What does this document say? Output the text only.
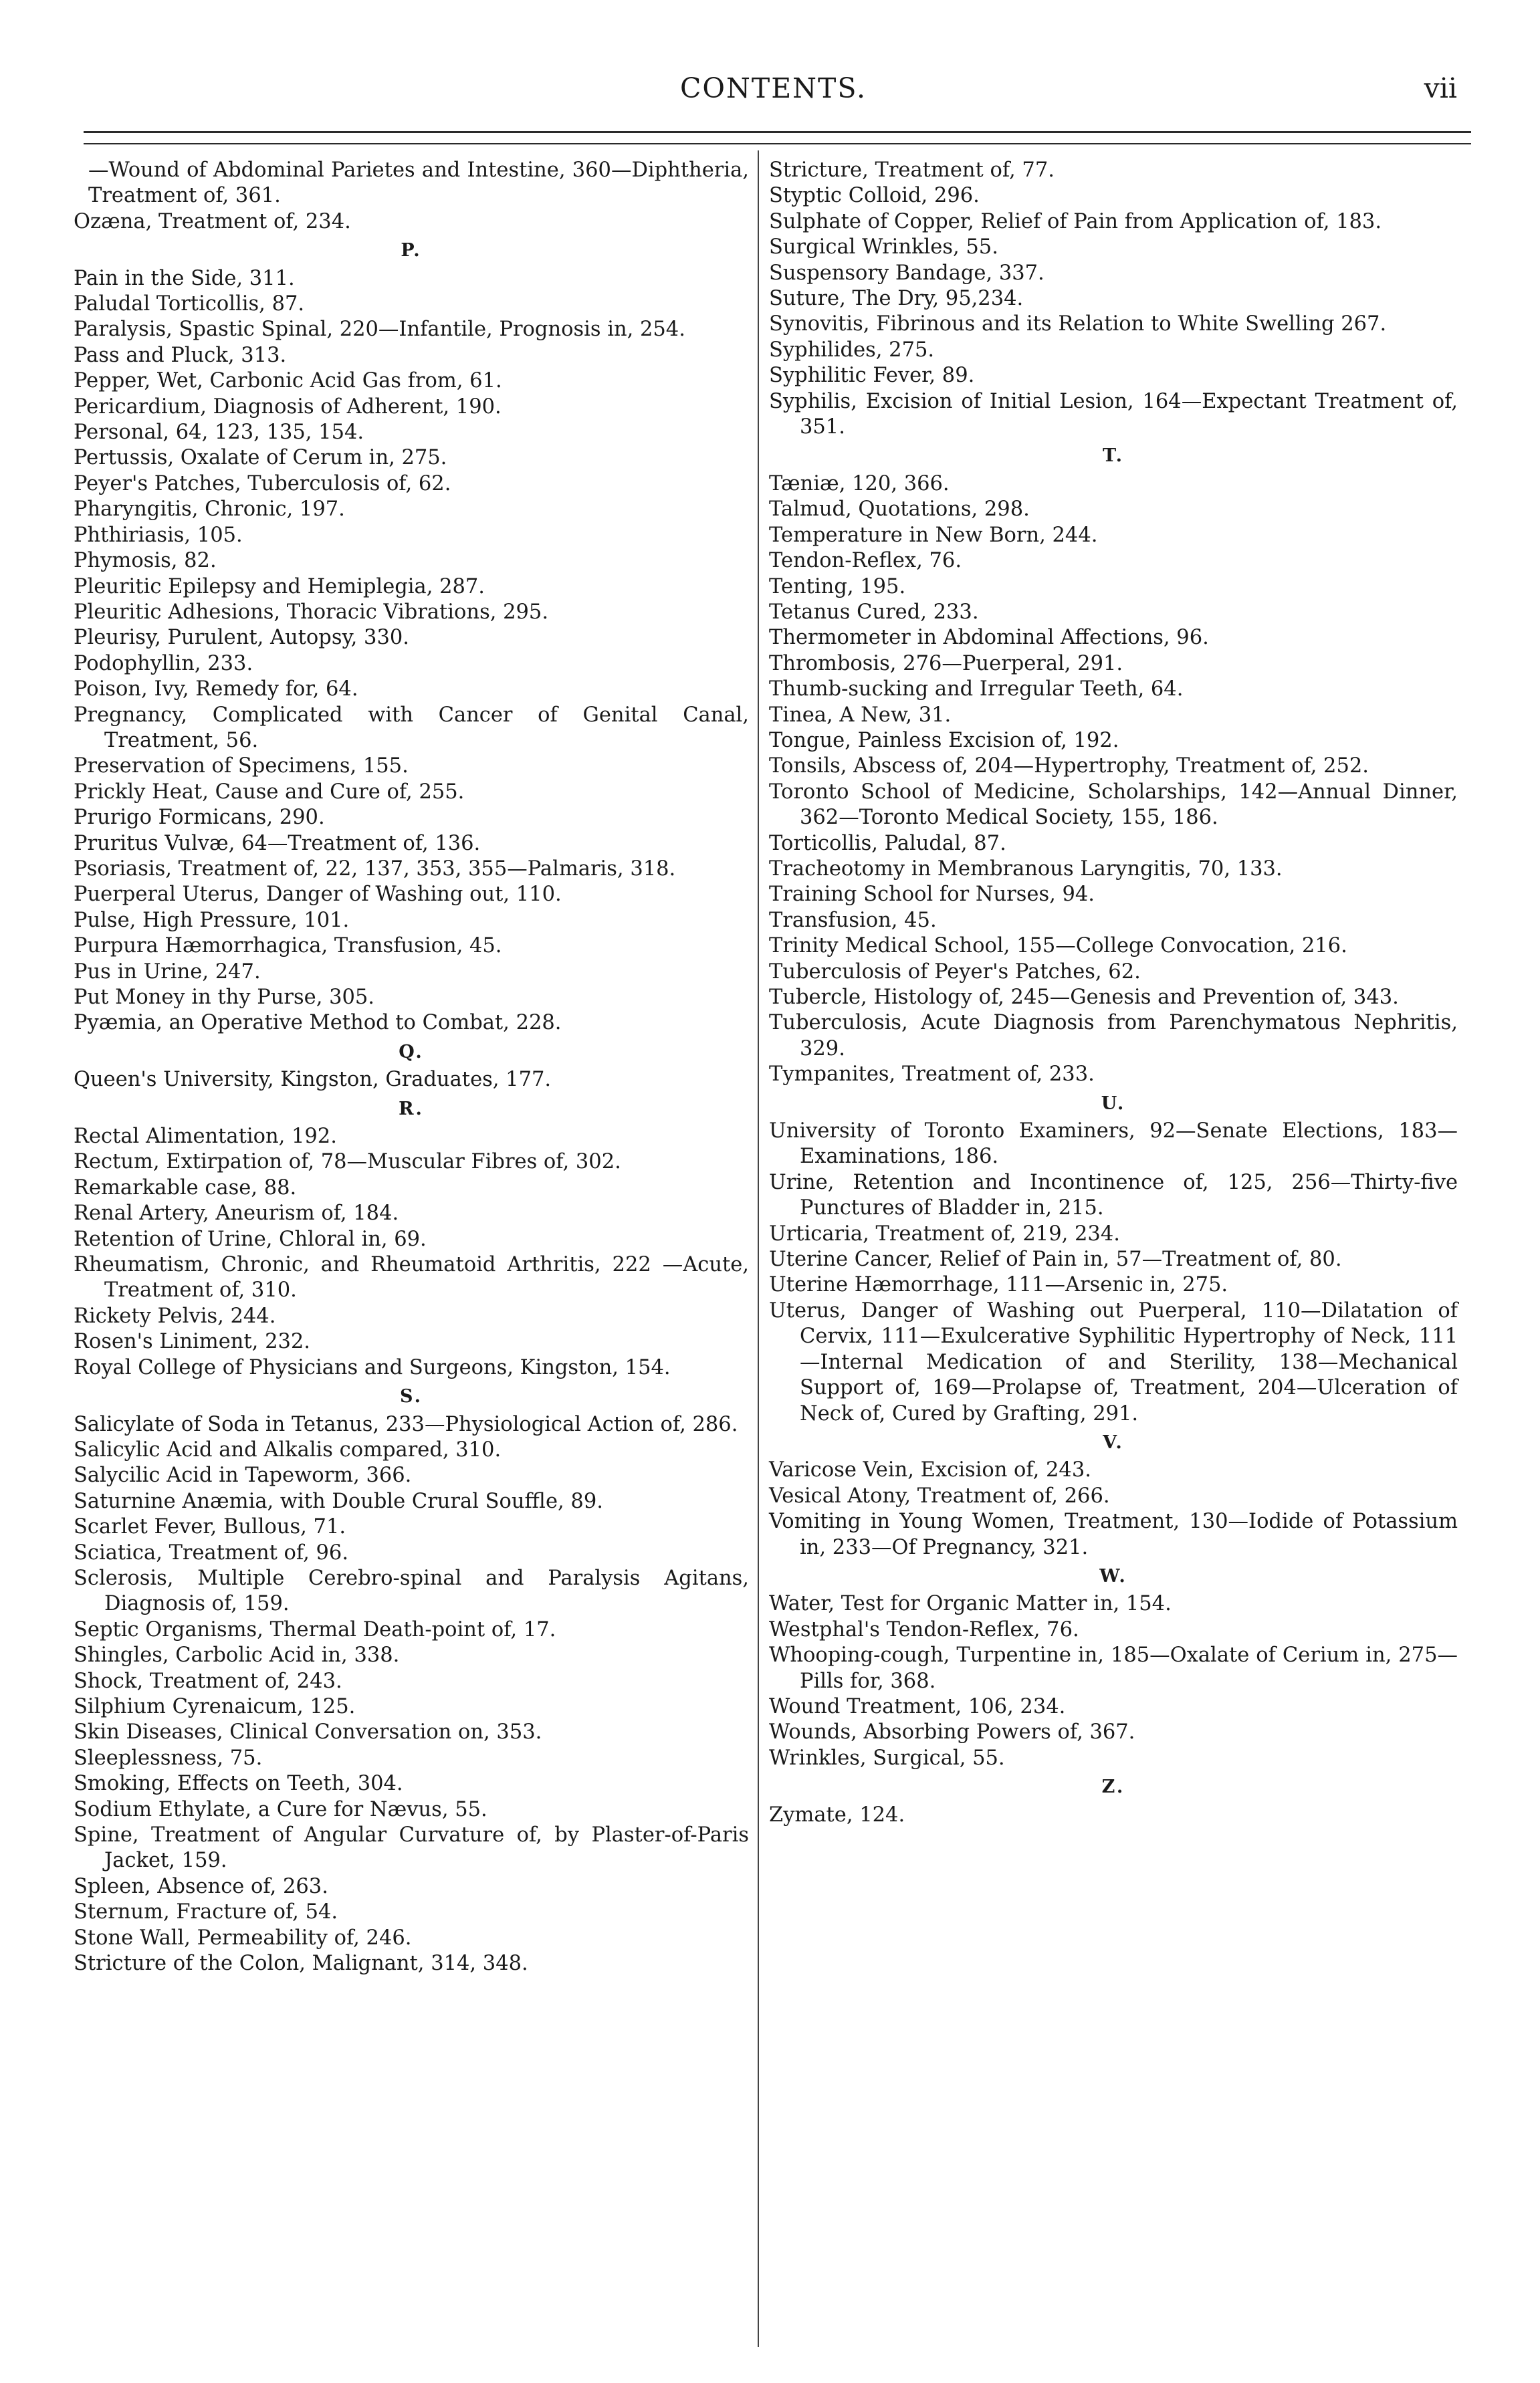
CONTENTS.	vii
—Wound of Abdominal Parietes and Intestine, 360—Diphtheria, Treatment of, 361.
Ozæna, Treatment of, 234.
P.
Pain in the Side, 311.
Paludal Torticollis, 87.
Paralysis, Spastic Spinal, 220—Infantile, Prognosis in, 254.
Pass and Pluck, 313.
Pepper, Wet, Carbonic Acid Gas from, 61.
Pericardium, Diagnosis of Adherent, 190.
Personal, 64, 123, 135, 154.
Pertussis, Oxalate of Cerum in, 275.
Peyer's Patches, Tuberculosis of, 62.
Pharyngitis, Chronic, 197.
Phthiriasis, 105.
Phymosis, 82.
Pleuritic Epilepsy and Hemiplegia, 287.
Pleuritic Adhesions, Thoracic Vibrations, 295.
Pleurisy, Purulent, Autopsy, 330.
Podophyllin, 233.
Poison, Ivy, Remedy for, 64.
Pregnancy, Complicated with Cancer of Genital Canal, Treatment, 56.
Preservation of Specimens, 155.
Prickly Heat, Cause and Cure of, 255.
Prurigo Formicans, 290.
Pruritus Vulvæ, 64—Treatment of, 136.
Psoriasis, Treatment of, 22, 137, 353, 355—Palmaris, 318.
Puerperal Uterus, Danger of Washing out, 110.
Pulse, High Pressure, 101.
Purpura Hæmorrhagica, Transfusion, 45.
Pus in Urine, 247.
Put Money in thy Purse, 305.
Pyæmia, an Operative Method to Combat, 228.
Q.
Queen's University, Kingston, Graduates, 177.
R.
Rectal Alimentation, 192.
Rectum, Extirpation of, 78—Muscular Fibres of, 302.
Remarkable case, 88.
Renal Artery, Aneurism of, 184.
Retention of Urine, Chloral in, 69.
Rheumatism, Chronic, and Rheumatoid Arthritis, 222 —Acute, Treatment of, 310.
Rickety Pelvis, 244.
Rosen's Liniment, 232.
Royal College of Physicians and Surgeons, Kingston, 154.
S.
Salicylate of Soda in Tetanus, 233—Physiological Action of, 286.
Salicylic Acid and Alkalis compared, 310.
Salycilic Acid in Tapeworm, 366.
Saturnine Anæmia, with Double Crural Souffle, 89.
Scarlet Fever, Bullous, 71.
Sciatica, Treatment of, 96.
Sclerosis, Multiple Cerebro-spinal and Paralysis Agitans, Diagnosis of, 159.
Septic Organisms, Thermal Death-point of, 17.
Shingles, Carbolic Acid in, 338.
Shock, Treatment of, 243.
Silphium Cyrenaicum, 125.
Skin Diseases, Clinical Conversation on, 353.
Sleeplessness, 75.
Smoking, Effects on Teeth, 304.
Sodium Ethylate, a Cure for Nævus, 55.
Spine, Treatment of Angular Curvature of, by Plaster-of-Paris Jacket, 159.
Spleen, Absence of, 263.
Sternum, Fracture of, 54.
Stone Wall, Permeability of, 246.
Stricture of the Colon, Malignant, 314, 348.
Stricture, Treatment of, 77.
Styptic Colloid, 296.
Sulphate of Copper, Relief of Pain from Application of, 183.
Surgical Wrinkles, 55.
Suspensory Bandage, 337.
Suture, The Dry, 95,234.
Synovitis, Fibrinous and its Relation to White Swelling 267.
Syphilides, 275.
Syphilitic Fever, 89.
Syphilis, Excision of Initial Lesion, 164—Expectant Treatment of, 351.
T.
Tæniæ, 120, 366.
Talmud, Quotations, 298.
Temperature in New Born, 244.
Tendon-Reflex, 76.
Tenting, 195.
Tetanus Cured, 233.
Thermometer in Abdominal Affections, 96.
Thrombosis, 276—Puerperal, 291.
Thumb-sucking and Irregular Teeth, 64.
Tinea, A New, 31.
Tongue, Painless Excision of, 192.
Tonsils, Abscess of, 204—Hypertrophy, Treatment of, 252.
Toronto School of Medicine, Scholarships, 142—Annual Dinner, 362—Toronto Medical Society, 155, 186.
Torticollis, Paludal, 87.
Tracheotomy in Membranous Laryngitis, 70, 133.
Training School for Nurses, 94.
Transfusion, 45.
Trinity Medical School, 155—College Convocation, 216.
Tuberculosis of Peyer's Patches, 62.
Tubercle, Histology of, 245—Genesis and Prevention of, 343.
Tuberculosis, Acute Diagnosis from Parenchymatous Nephritis, 329.
Tympanites, Treatment of, 233.
U.
University of Toronto Examiners, 92—Senate Elections, 183—Examinations, 186.
Urine, Retention and Incontinence of, 125, 256—Thirty-five Punctures of Bladder in, 215.
Urticaria, Treatment of, 219, 234.
Uterine Cancer, Relief of Pain in, 57—Treatment of, 80.
Uterine Hæmorrhage, 111—Arsenic in, 275.
Uterus, Danger of Washing out Puerperal, 110—Dilatation of Cervix, 111—Exulcerative Syphilitic Hypertrophy of Neck, 111—Internal Medication of and Sterility, 138—Mechanical Support of, 169—Prolapse of, Treatment, 204—Ulceration of Neck of, Cured by Grafting, 291.
V.
Varicose Vein, Excision of, 243.
Vesical Atony, Treatment of, 266.
Vomiting in Young Women, Treatment, 130—Iodide of Potassium in, 233—Of Pregnancy, 321.
W.
Water, Test for Organic Matter in, 154.
Westphal's Tendon-Reflex, 76.
Whooping-cough, Turpentine in, 185—Oxalate of Cerium in, 275—Pills for, 368.
Wound Treatment, 106, 234.
Wounds, Absorbing Powers of, 367.
Wrinkles, Surgical, 55.
Z.
Zymate, 124.
